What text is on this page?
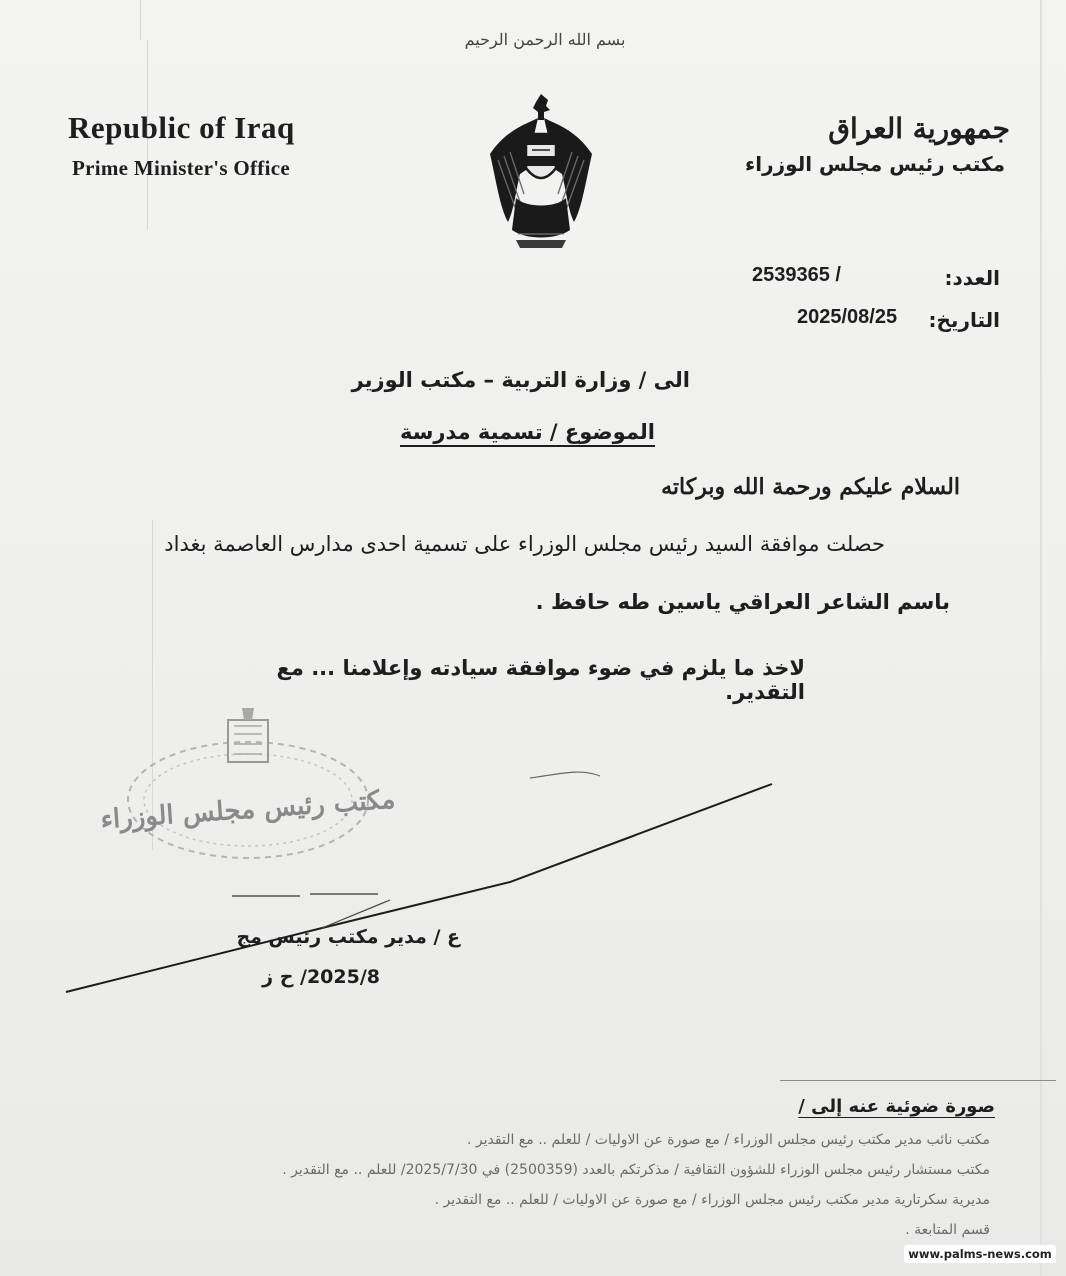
بسم الله الرحمن الرحيم
Republic of Iraq
Prime Minister's Office
جمهورية العراق
مكتب رئيس مجلس الوزراء
العدد:
2539365 /
التاريخ:
2025/08/25
الى / وزارة التربية – مكتب الوزير
الموضوع / تسمية مدرسة
السلام عليكم ورحمة الله وبركاته
حصلت موافقة السيد رئيس مجلس الوزراء على تسمية احدى مدارس العاصمة بغداد
باسم الشاعر العراقي ياسين طه حافظ .
لاخذ ما يلزم في ضوء موافقة سيادته وإعلامنا ... مع التقدير.
مكتب رئيس مجلس الوزراء
ع / مدير مكتب رئيس مج
2025/8/ ح ز
صورة ضوئية عنه إلى /
مكتب نائب مدير مكتب رئيس مجلس الوزراء / مع صورة عن الاوليات / للعلم .. مع التقدير .
مكتب مستشار رئيس مجلس الوزراء للشؤون الثقافية / مذكرتكم بالعدد (2500359) في 2025/7/30/ للعلم .. مع التقدير .
مديرية سكرتارية مدير مكتب رئيس مجلس الوزراء / مع صورة عن الاوليات / للعلم .. مع التقدير .
قسم المتابعة .
www.palms-news.com
